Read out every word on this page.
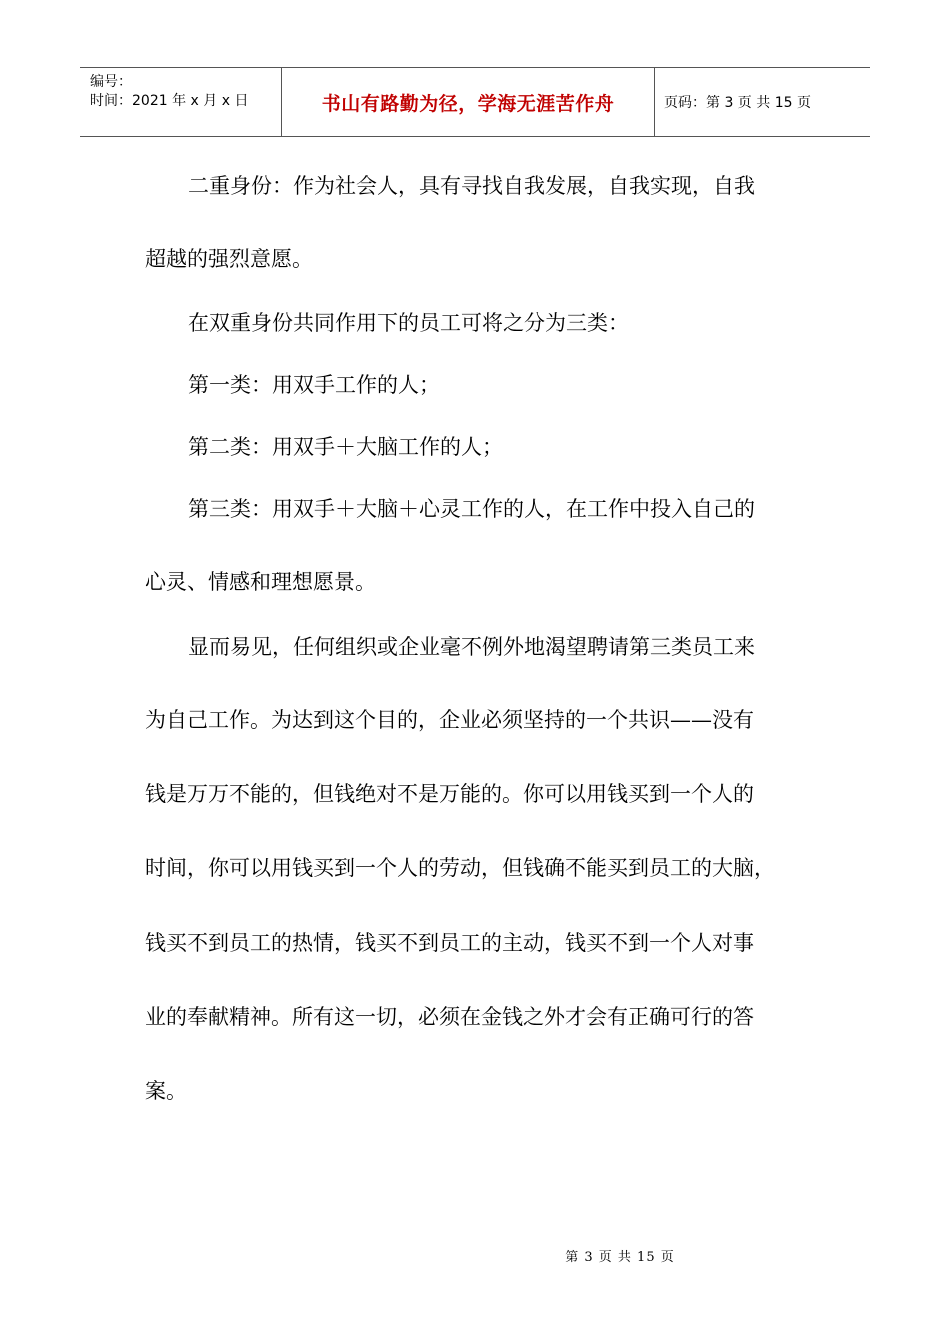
编号：
时间：2021 年 x 月 x 日	书山有路勤为径，学海无涯苦作舟	页码：第 3 页 共 15 页
二重身份：作为社会人，具有寻找自我发展，自我实现，自我
超越的强烈意愿。
在双重身份共同作用下的员工可将之分为三类：
第一类：用双手工作的人；
第二类：用双手＋大脑工作的人；
第三类：用双手＋大脑＋心灵工作的人，在工作中投入自己的
心灵、情感和理想愿景。
显而易见，任何组织或企业毫不例外地渴望聘请第三类员工来
为自己工作。为达到这个目的，企业必须坚持的一个共识——没有
钱是万万不能的，但钱绝对不是万能的。你可以用钱买到一个人的
时间，你可以用钱买到一个人的劳动，但钱确不能买到员工的大脑，
钱买不到员工的热情，钱买不到员工的主动，钱买不到一个人对事
业的奉献精神。所有这一切，必须在金钱之外才会有正确可行的答
案。
第 3 页 共 15 页
